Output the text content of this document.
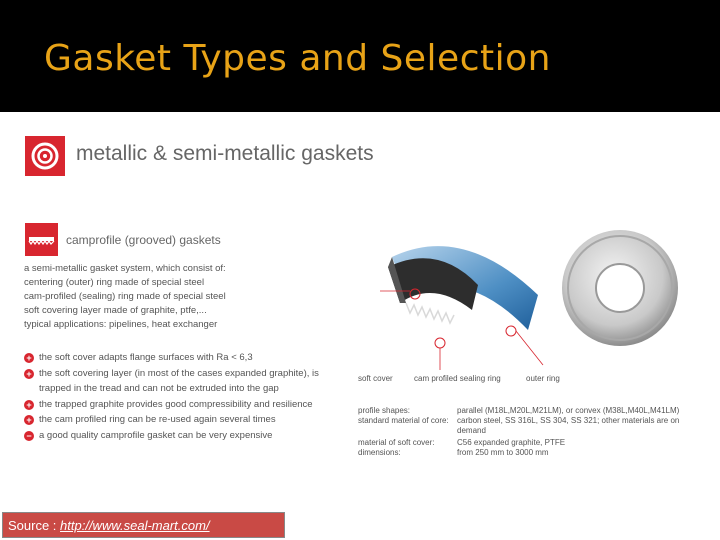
Gasket Types and Selection
metallic & semi-metallic gaskets
camprofile (grooved) gaskets
a semi-metallic gasket system, which consist of:
centering (outer) ring made of special steel
cam-profiled (sealing) ring made of special steel
soft covering layer made of graphite, ptfe,...
typical applications: pipelines, heat exchanger
+ the soft cover adapts flange surfaces with Ra < 6,3
+ the soft covering layer (in most of the cases expanded graphite), is
trapped in the tread and can not be extruded into the gap
+ the trapped graphite provides good compressibility and resilience
+ the cam profiled ring can be re-used again several times
− a good quality camprofile gasket can be very expensive
soft cover	cam profiled sealing ring	outer ring
profile shapes:	parallel (M18L,M20L,M21LM), or convex (M38L,M40L,M41LM)
standard material of core:	carbon steel, SS 316L, SS 304, SS 321; other materials are on demand
material of soft cover:	C56 expanded graphite, PTFE
dimensions:	from 250 mm to 3000 mm
Source : http://www.seal-mart.com/
